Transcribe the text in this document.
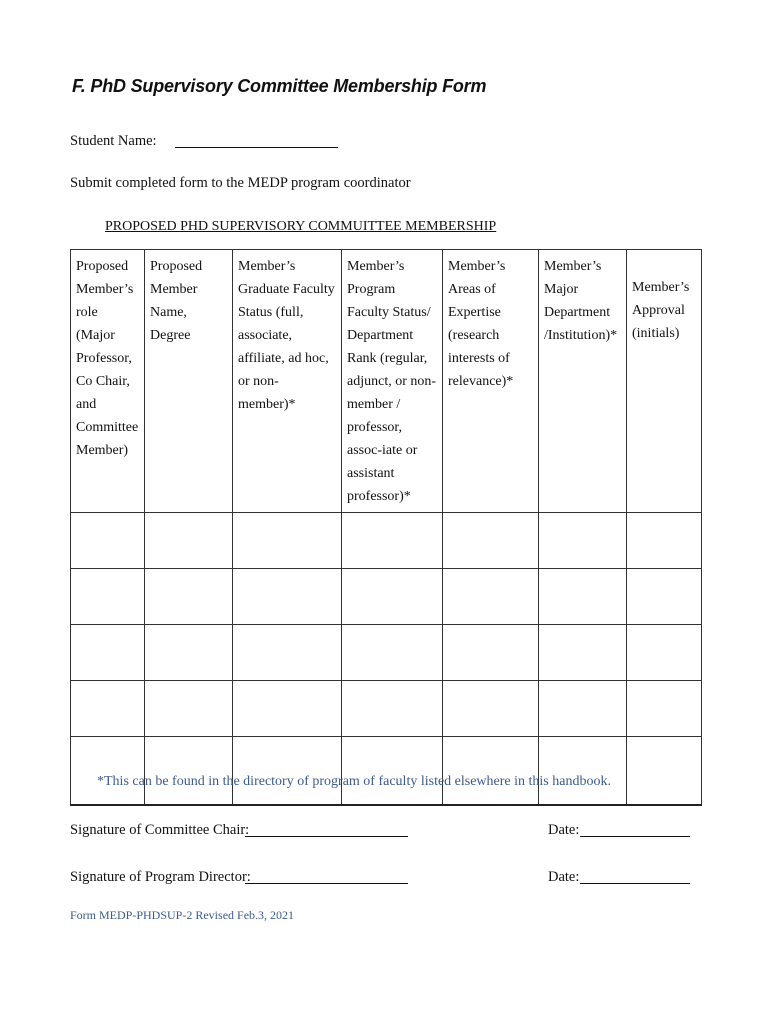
F. PhD Supervisory Committee Membership Form
Student Name:
Submit completed form to the MEDP program coordinator
PROPOSED PHD SUPERVISORY COMMUITTEE MEMBERSHIP
Proposed Member’s role (Major Professor, Co Chair, and Committee Member)	Proposed Member Name, Degree	Member’s Graduate Faculty Status (full, associate, affiliate, ad hoc, or non-member)*	Member’s Program Faculty Status/ Department Rank (regular, adjunct, or non-member / professor, assoc-iate or assistant professor)*	Member’s Areas of Expertise (research interests of relevance)*	Member’s Major Department /Institution)*	Member’s Approval (initials)

*This can be found in the directory of program of faculty listed elsewhere in this handbook.
Signature of Committee Chair:	Date:
Signature of Program Director:	Date:
Form MEDP-PHDSUP-2 Revised Feb.3, 2021
